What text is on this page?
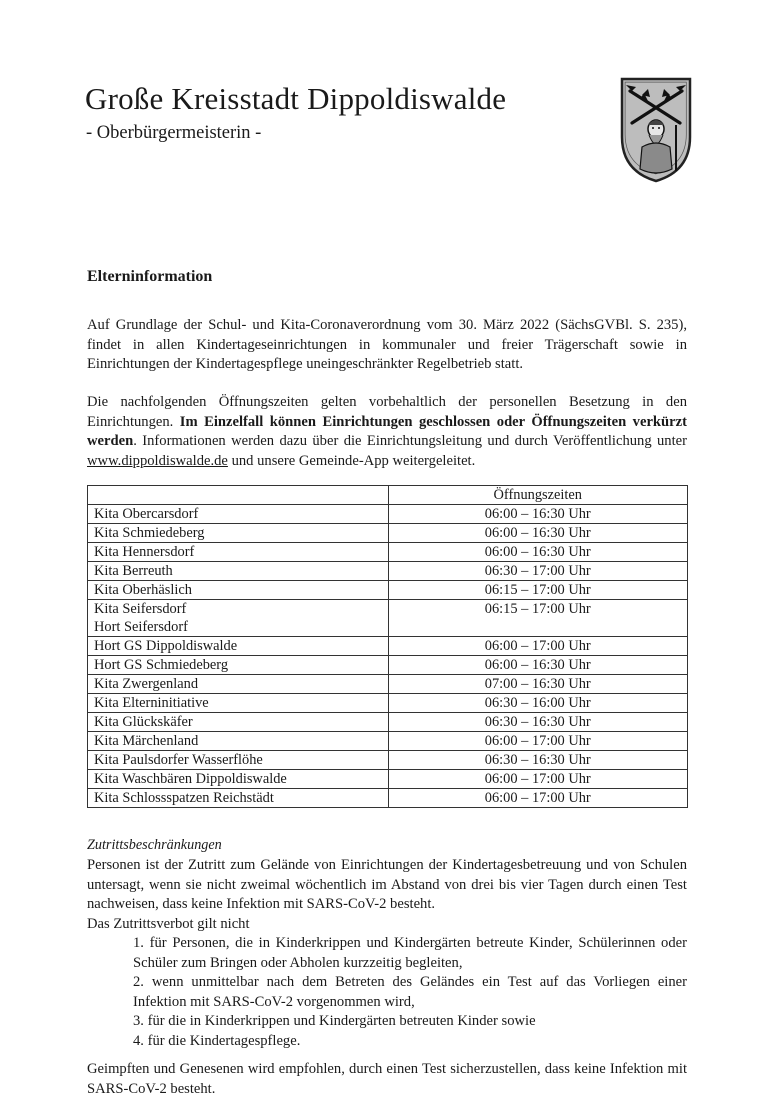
Große Kreisstadt Dippoldiswalde
- Oberbürgermeisterin -
Elterninformation
Auf Grundlage der Schul- und Kita-Coronaverordnung vom 30. März 2022 (SächsGVBl. S. 235), findet in allen Kindertageseinrichtungen in kommunaler und freier Trägerschaft sowie in Einrichtungen der Kindertagespflege uneingeschränkter Regelbetrieb statt.
Die nachfolgenden Öffnungszeiten gelten vorbehaltlich der personellen Besetzung in den Einrichtungen. Im Einzelfall können Einrichtungen geschlossen oder Öffnungszeiten verkürzt werden. Informationen werden dazu über die Einrichtungsleitung und durch Veröffentlichung unter www.dippoldiswalde.de und unsere Gemeinde-App weitergeleitet.
	Öffnungszeiten

Kita Obercarsdorf	06:00 – 16:30 Uhr

Kita Schmiedeberg	06:00 – 16:30 Uhr

Kita Hennersdorf	06:00 – 16:30 Uhr

Kita Berreuth	06:30 – 17:00 Uhr

Kita Oberhäslich	06:15 – 17:00 Uhr

Kita Seifersdorf
Hort Seifersdorf	06:15 – 17:00 Uhr

Hort GS Dippoldiswalde	06:00 – 17:00 Uhr

Hort GS Schmiedeberg	06:00 – 16:30 Uhr

Kita Zwergenland	07:00 – 16:30 Uhr

Kita Elterninitiative	06:30 – 16:00 Uhr

Kita Glückskäfer	06:30 – 16:30 Uhr

Kita Märchenland	06:00 – 17:00 Uhr

Kita Paulsdorfer Wasserflöhe	06:30 – 16:30 Uhr

Kita Waschbären Dippoldiswalde	06:00 – 17:00 Uhr

Kita Schlossspatzen Reichstädt	06:00 – 17:00 Uhr
Zutrittsbeschränkungen
Personen ist der Zutritt zum Gelände von Einrichtungen der Kindertagesbetreuung und von Schulen untersagt, wenn sie nicht zweimal wöchentlich im Abstand von drei bis vier Tagen durch einen Test nachweisen, dass keine Infektion mit SARS-CoV-2 besteht.
Das Zutrittsverbot gilt nicht
1. für Personen, die in Kinderkrippen und Kindergärten betreute Kinder, Schülerinnen oder Schüler zum Bringen oder Abholen kurzzeitig begleiten,
2. wenn unmittelbar nach dem Betreten des Geländes ein Test auf das Vorliegen einer Infektion mit SARS-CoV-2 vorgenommen wird,
3. für die in Kinderkrippen und Kindergärten betreuten Kinder sowie
4. für die Kindertagespflege.
Geimpften und Genesenen wird empfohlen, durch einen Test sicherzustellen, dass keine Infektion mit SARS-CoV-2 besteht.
